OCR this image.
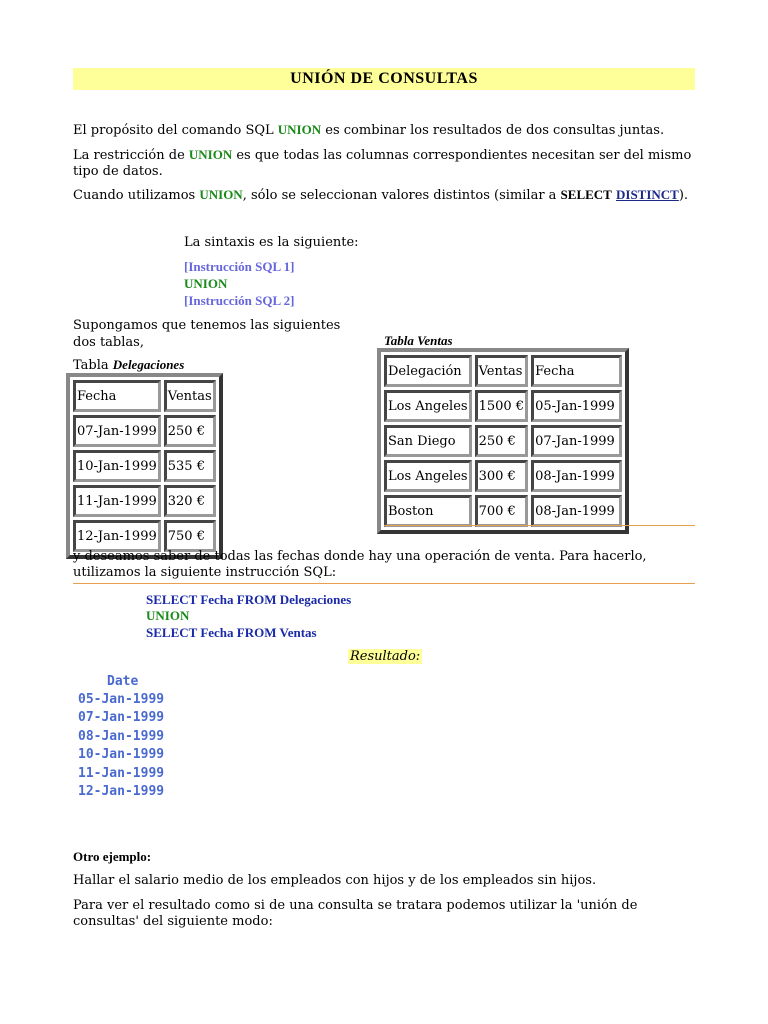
UNIÓN DE CONSULTAS

El propósito del comando SQL UNION es combinar los resultados de dos consultas juntas.

La restricción de UNION es que todas las columnas correspondientes necesitan ser del mismo tipo de datos.

Cuando utilizamos UNION, sólo se seleccionan valores distintos (similar a SELECT DISTINCT).

La sintaxis es la siguiente:
[Instrucción SQL 1]
UNION
[Instrucción SQL 2]

Supongamos que tenemos las siguientes dos tablas,

Tabla Delegaciones
Fecha	Ventas
07-Jan-1999	250 €
10-Jan-1999	535 €
11-Jan-1999	320 €
12-Jan-1999	750 €
Tabla Ventas
Delegación	Ventas	Fecha
Los Angeles	1500 €	05-Jan-1999
San Diego	250 €	07-Jan-1999
Los Angeles	300 €	08-Jan-1999
Boston	700 €	08-Jan-1999

y deseamos saber de todas las fechas donde hay una operación de venta. Para hacerlo, utilizamos la siguiente instrucción SQL:

SELECT Fecha FROM Delegaciones
UNION
SELECT Fecha FROM Ventas
Resultado:
Date
05-Jan-1999
07-Jan-1999
08-Jan-1999
10-Jan-1999
11-Jan-1999
12-Jan-1999
Otro ejemplo:

Hallar el salario medio de los empleados con hijos y de los empleados sin hijos.

Para ver el resultado como si de una consulta se tratara podemos utilizar la 'unión de consultas' del siguiente modo:
